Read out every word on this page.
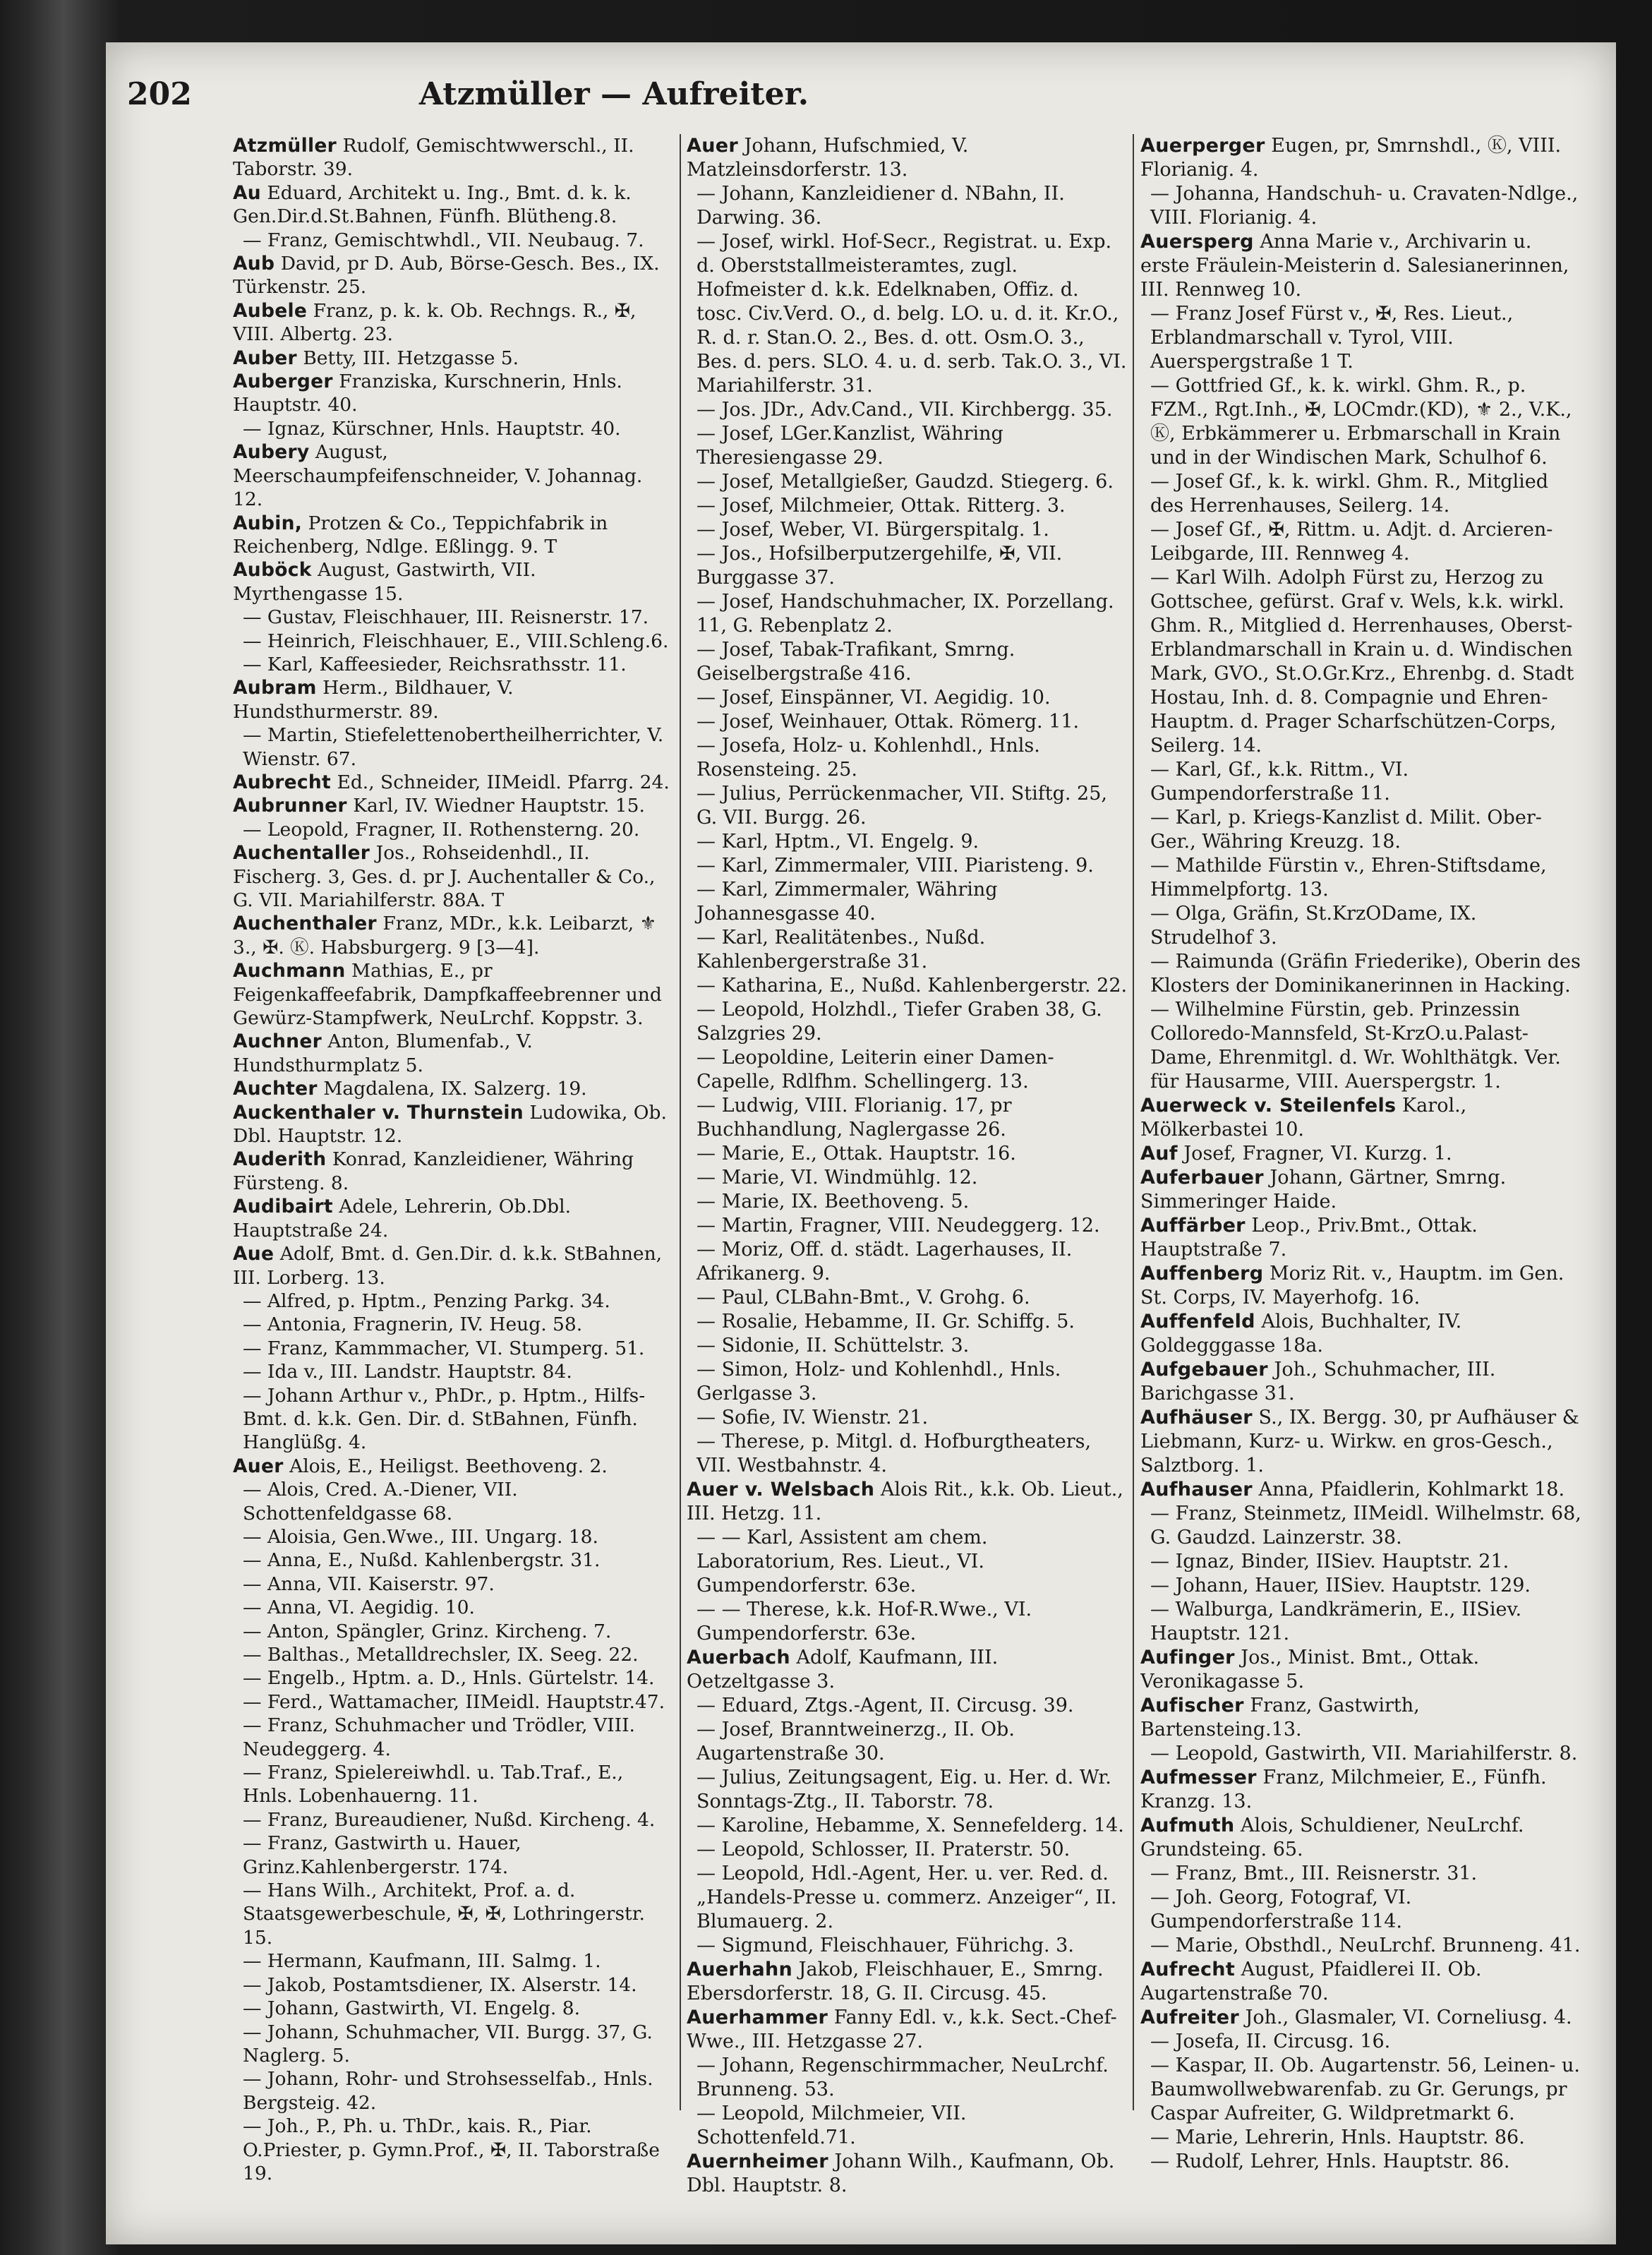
202	Atzmüller — Aufreiter.
Atzmüller Rudolf, Gemischtwwerschl., II. Taborstr. 39.
Au Eduard, Architekt u. Ing., Bmt. d. k. k. Gen.Dir.d.St.Bahnen, Fünfh. Blütheng.8.
— Franz, Gemischtwhdl., VII. Neubaug. 7.
Aub David, pr D. Aub, Börse-Gesch. Bes., IX. Türkenstr. 25.
Aubele Franz, p. k. k. Ob. Rechngs. R., ✠, VIII. Albertg. 23.
Auber Betty, III. Hetzgasse 5.
Auberger Franziska, Kurschnerin, Hnls. Hauptstr. 40.
— Ignaz, Kürschner, Hnls. Hauptstr. 40.
Aubery August, Meerschaumpfeifenschneider, V. Johannag. 12.
Aubin, Protzen & Co., Teppichfabrik in Reichenberg, Ndlge. Eßlingg. 9. T
Auböck August, Gastwirth, VII. Myrthengasse 15.
— Gustav, Fleischhauer, III. Reisnerstr. 17.
— Heinrich, Fleischhauer, E., VIII.Schleng.6.
— Karl, Kaffeesieder, Reichsrathsstr. 11.
Aubram Herm., Bildhauer, V. Hundsthurmerstr. 89.
— Martin, Stiefelettenobertheilherrichter, V. Wienstr. 67.
Aubrecht Ed., Schneider, IIMeidl. Pfarrg. 24.
Aubrunner Karl, IV. Wiedner Hauptstr. 15.
— Leopold, Fragner, II. Rothensterng. 20.
Auchentaller Jos., Rohseidenhdl., II. Fischerg. 3, Ges. d. pr J. Auchentaller & Co., G. VII. Mariahilferstr. 88A. T
Auchenthaler Franz, MDr., k.k. Leibarzt, ⚜ 3., ✠. Ⓚ. Habsburgerg. 9 [3—4].
Auchmann Mathias, E., pr Feigenkaffeefabrik, Dampfkaffeebrenner und Gewürz-Stampfwerk, NeuLrchf. Koppstr. 3.
Auchner Anton, Blumenfab., V. Hundsthurmplatz 5.
Auchter Magdalena, IX. Salzerg. 19.
Auckenthaler v. Thurnstein Ludowika, Ob. Dbl. Hauptstr. 12.
Auderith Konrad, Kanzleidiener, Währing Fürsteng. 8.
Audibairt Adele, Lehrerin, Ob.Dbl. Hauptstraße 24.
Aue Adolf, Bmt. d. Gen.Dir. d. k.k. StBahnen, III. Lorberg. 13.
— Alfred, p. Hptm., Penzing Parkg. 34.
— Antonia, Fragnerin, IV. Heug. 58.
— Franz, Kammmacher, VI. Stumperg. 51.
— Ida v., III. Landstr. Hauptstr. 84.
— Johann Arthur v., PhDr., p. Hptm., Hilfs-Bmt. d. k.k. Gen. Dir. d. StBahnen, Fünfh. Hanglüßg. 4.
Auer Alois, E., Heiligst. Beethoveng. 2.
— Alois, Cred. A.-Diener, VII. Schottenfeldgasse 68.
— Aloisia, Gen.Wwe., III. Ungarg. 18.
— Anna, E., Nußd. Kahlenbergstr. 31.
— Anna, VII. Kaiserstr. 97.
— Anna, VI. Aegidig. 10.
— Anton, Spängler, Grinz. Kircheng. 7.
— Balthas., Metalldrechsler, IX. Seeg. 22.
— Engelb., Hptm. a. D., Hnls. Gürtelstr. 14.
— Ferd., Wattamacher, IIMeidl. Hauptstr.47.
— Franz, Schuhmacher und Trödler, VIII. Neudeggerg. 4.
— Franz, Spielereiwhdl. u. Tab.Traf., E., Hnls. Lobenhauerng. 11.
— Franz, Bureaudiener, Nußd. Kircheng. 4.
— Franz, Gastwirth u. Hauer, Grinz.Kahlenbergerstr. 174.
— Hans Wilh., Architekt, Prof. a. d. Staatsgewerbeschule, ✠, ✠, Lothringerstr. 15.
— Hermann, Kaufmann, III. Salmg. 1.
— Jakob, Postamtsdiener, IX. Alserstr. 14.
— Johann, Gastwirth, VI. Engelg. 8.
— Johann, Schuhmacher, VII. Burgg. 37, G. Naglerg. 5.
— Johann, Rohr- und Strohsesselfab., Hnls. Bergsteig. 42.
— Joh., P., Ph. u. ThDr., kais. R., Piar. O.Priester, p. Gymn.Prof., ✠, II. Taborstraße 19.
Auer Johann, Hufschmied, V. Matzleinsdorferstr. 13.
— Johann, Kanzleidiener d. NBahn, II. Darwing. 36.
— Josef, wirkl. Hof-Secr., Registrat. u. Exp. d. Oberststallmeisteramtes, zugl. Hofmeister d. k.k. Edelknaben, Offiz. d. tosc. Civ.Verd. O., d. belg. LO. u. d. it. Kr.O., R. d. r. Stan.O. 2., Bes. d. ott. Osm.O. 3., Bes. d. pers. SLO. 4. u. d. serb. Tak.O. 3., VI. Mariahilferstr. 31.
— Jos. JDr., Adv.Cand., VII. Kirchbergg. 35.
— Josef, LGer.Kanzlist, Währing Theresiengasse 29.
— Josef, Metallgießer, Gaudzd. Stiegerg. 6.
— Josef, Milchmeier, Ottak. Ritterg. 3.
— Josef, Weber, VI. Bürgerspitalg. 1.
— Jos., Hofsilberputzergehilfe, ✠, VII. Burggasse 37.
— Josef, Handschuhmacher, IX. Porzellang. 11, G. Rebenplatz 2.
— Josef, Tabak-Trafikant, Smrng. Geiselbergstraße 416.
— Josef, Einspänner, VI. Aegidig. 10.
— Josef, Weinhauer, Ottak. Römerg. 11.
— Josefa, Holz- u. Kohlenhdl., Hnls. Rosensteing. 25.
— Julius, Perrückenmacher, VII. Stiftg. 25, G. VII. Burgg. 26.
— Karl, Hptm., VI. Engelg. 9.
— Karl, Zimmermaler, VIII. Piaristeng. 9.
— Karl, Zimmermaler, Währing Johannesgasse 40.
— Karl, Realitätenbes., Nußd. Kahlenbergerstraße 31.
— Katharina, E., Nußd. Kahlenbergerstr. 22.
— Leopold, Holzhdl., Tiefer Graben 38, G. Salzgries 29.
— Leopoldine, Leiterin einer Damen-Capelle, Rdlfhm. Schellingerg. 13.
— Ludwig, VIII. Florianig. 17, pr Buchhandlung, Naglergasse 26.
— Marie, E., Ottak. Hauptstr. 16.
— Marie, VI. Windmühlg. 12.
— Marie, IX. Beethoveng. 5.
— Martin, Fragner, VIII. Neudeggerg. 12.
— Moriz, Off. d. städt. Lagerhauses, II. Afrikanerg. 9.
— Paul, CLBahn-Bmt., V. Grohg. 6.
— Rosalie, Hebamme, II. Gr. Schiffg. 5.
— Sidonie, II. Schüttelstr. 3.
— Simon, Holz- und Kohlenhdl., Hnls. Gerlgasse 3.
— Sofie, IV. Wienstr. 21.
— Therese, p. Mitgl. d. Hofburgtheaters, VII. Westbahnstr. 4.
Auer v. Welsbach Alois Rit., k.k. Ob. Lieut., III. Hetzg. 11.
— — Karl, Assistent am chem. Laboratorium, Res. Lieut., VI. Gumpendorferstr. 63e.
— — Therese, k.k. Hof-R.Wwe., VI. Gumpendorferstr. 63e.
Auerbach Adolf, Kaufmann, III. Oetzeltgasse 3.
— Eduard, Ztgs.-Agent, II. Circusg. 39.
— Josef, Branntweinerzg., II. Ob. Augartenstraße 30.
— Julius, Zeitungsagent, Eig. u. Her. d. Wr. Sonntags-Ztg., II. Taborstr. 78.
— Karoline, Hebamme, X. Sennefelderg. 14.
— Leopold, Schlosser, II. Praterstr. 50.
— Leopold, Hdl.-Agent, Her. u. ver. Red. d. „Handels-Presse u. commerz. Anzeiger“, II. Blumauerg. 2.
— Sigmund, Fleischhauer, Führichg. 3.
Auerhahn Jakob, Fleischhauer, E., Smrng. Ebersdorferstr. 18, G. II. Circusg. 45.
Auerhammer Fanny Edl. v., k.k. Sect.-Chef-Wwe., III. Hetzgasse 27.
— Johann, Regenschirmmacher, NeuLrchf. Brunneng. 53.
— Leopold, Milchmeier, VII. Schottenfeld.71.
Auernheimer Johann Wilh., Kaufmann, Ob. Dbl. Hauptstr. 8.
Auerperger Eugen, pr, Smrnshdl., Ⓚ, VIII. Florianig. 4.
— Johanna, Handschuh- u. Cravaten-Ndlge., VIII. Florianig. 4.
Auersperg Anna Marie v., Archivarin u. erste Fräulein-Meisterin d. Salesianerinnen, III. Rennweg 10.
— Franz Josef Fürst v., ✠, Res. Lieut., Erblandmarschall v. Tyrol, VIII. Auerspergstraße 1 T.
— Gottfried Gf., k. k. wirkl. Ghm. R., p. FZM., Rgt.Inh., ✠, LOCmdr.(KD), ⚜ 2., V.K., Ⓚ, Erbkämmerer u. Erbmarschall in Krain und in der Windischen Mark, Schulhof 6.
— Josef Gf., k. k. wirkl. Ghm. R., Mitglied des Herrenhauses, Seilerg. 14.
— Josef Gf., ✠, Rittm. u. Adjt. d. Arcieren-Leibgarde, III. Rennweg 4.
— Karl Wilh. Adolph Fürst zu, Herzog zu Gottschee, gefürst. Graf v. Wels, k.k. wirkl. Ghm. R., Mitglied d. Herrenhauses, Oberst-Erblandmarschall in Krain u. d. Windischen Mark, GVO., St.O.Gr.Krz., Ehrenbg. d. Stadt Hostau, Inh. d. 8. Compagnie und Ehren-Hauptm. d. Prager Scharfschützen-Corps, Seilerg. 14.
— Karl, Gf., k.k. Rittm., VI. Gumpendorferstraße 11.
— Karl, p. Kriegs-Kanzlist d. Milit. Ober-Ger., Währing Kreuzg. 18.
— Mathilde Fürstin v., Ehren-Stiftsdame, Himmelpfortg. 13.
— Olga, Gräfin, St.KrzODame, IX. Strudelhof 3.
— Raimunda (Gräfin Friederike), Oberin des Klosters der Dominikanerinnen in Hacking.
— Wilhelmine Fürstin, geb. Prinzessin Colloredo-Mannsfeld, St-KrzO.u.Palast-Dame, Ehrenmitgl. d. Wr. Wohlthätgk. Ver. für Hausarme, VIII. Auerspergstr. 1.
Auerweck v. Steilenfels Karol., Mölkerbastei 10.
Auf Josef, Fragner, VI. Kurzg. 1.
Auferbauer Johann, Gärtner, Smrng. Simmeringer Haide.
Auffärber Leop., Priv.Bmt., Ottak. Hauptstraße 7.
Auffenberg Moriz Rit. v., Hauptm. im Gen. St. Corps, IV. Mayerhofg. 16.
Auffenfeld Alois, Buchhalter, IV. Goldegggasse 18a.
Aufgebauer Joh., Schuhmacher, III. Barichgasse 31.
Aufhäuser S., IX. Bergg. 30, pr Aufhäuser & Liebmann, Kurz- u. Wirkw. en gros-Gesch., Salztborg. 1.
Aufhauser Anna, Pfaidlerin, Kohlmarkt 18.
— Franz, Steinmetz, IIMeidl. Wilhelmstr. 68, G. Gaudzd. Lainzerstr. 38.
— Ignaz, Binder, IISiev. Hauptstr. 21.
— Johann, Hauer, IISiev. Hauptstr. 129.
— Walburga, Landkrämerin, E., IISiev. Hauptstr. 121.
Aufinger Jos., Minist. Bmt., Ottak. Veronikagasse 5.
Aufischer Franz, Gastwirth, Bartensteing.13.
— Leopold, Gastwirth, VII. Mariahilferstr. 8.
Aufmesser Franz, Milchmeier, E., Fünfh. Kranzg. 13.
Aufmuth Alois, Schuldiener, NeuLrchf. Grundsteing. 65.
— Franz, Bmt., III. Reisnerstr. 31.
— Joh. Georg, Fotograf, VI. Gumpendorferstraße 114.
— Marie, Obsthdl., NeuLrchf. Brunneng. 41.
Aufrecht August, Pfaidlerei II. Ob. Augartenstraße 70.
Aufreiter Joh., Glasmaler, VI. Corneliusg. 4.
— Josefa, II. Circusg. 16.
— Kaspar, II. Ob. Augartenstr. 56, Leinen- u. Baumwollwebwarenfab. zu Gr. Gerungs, pr Caspar Aufreiter, G. Wildpretmarkt 6.
— Marie, Lehrerin, Hnls. Hauptstr. 86.
— Rudolf, Lehrer, Hnls. Hauptstr. 86.
